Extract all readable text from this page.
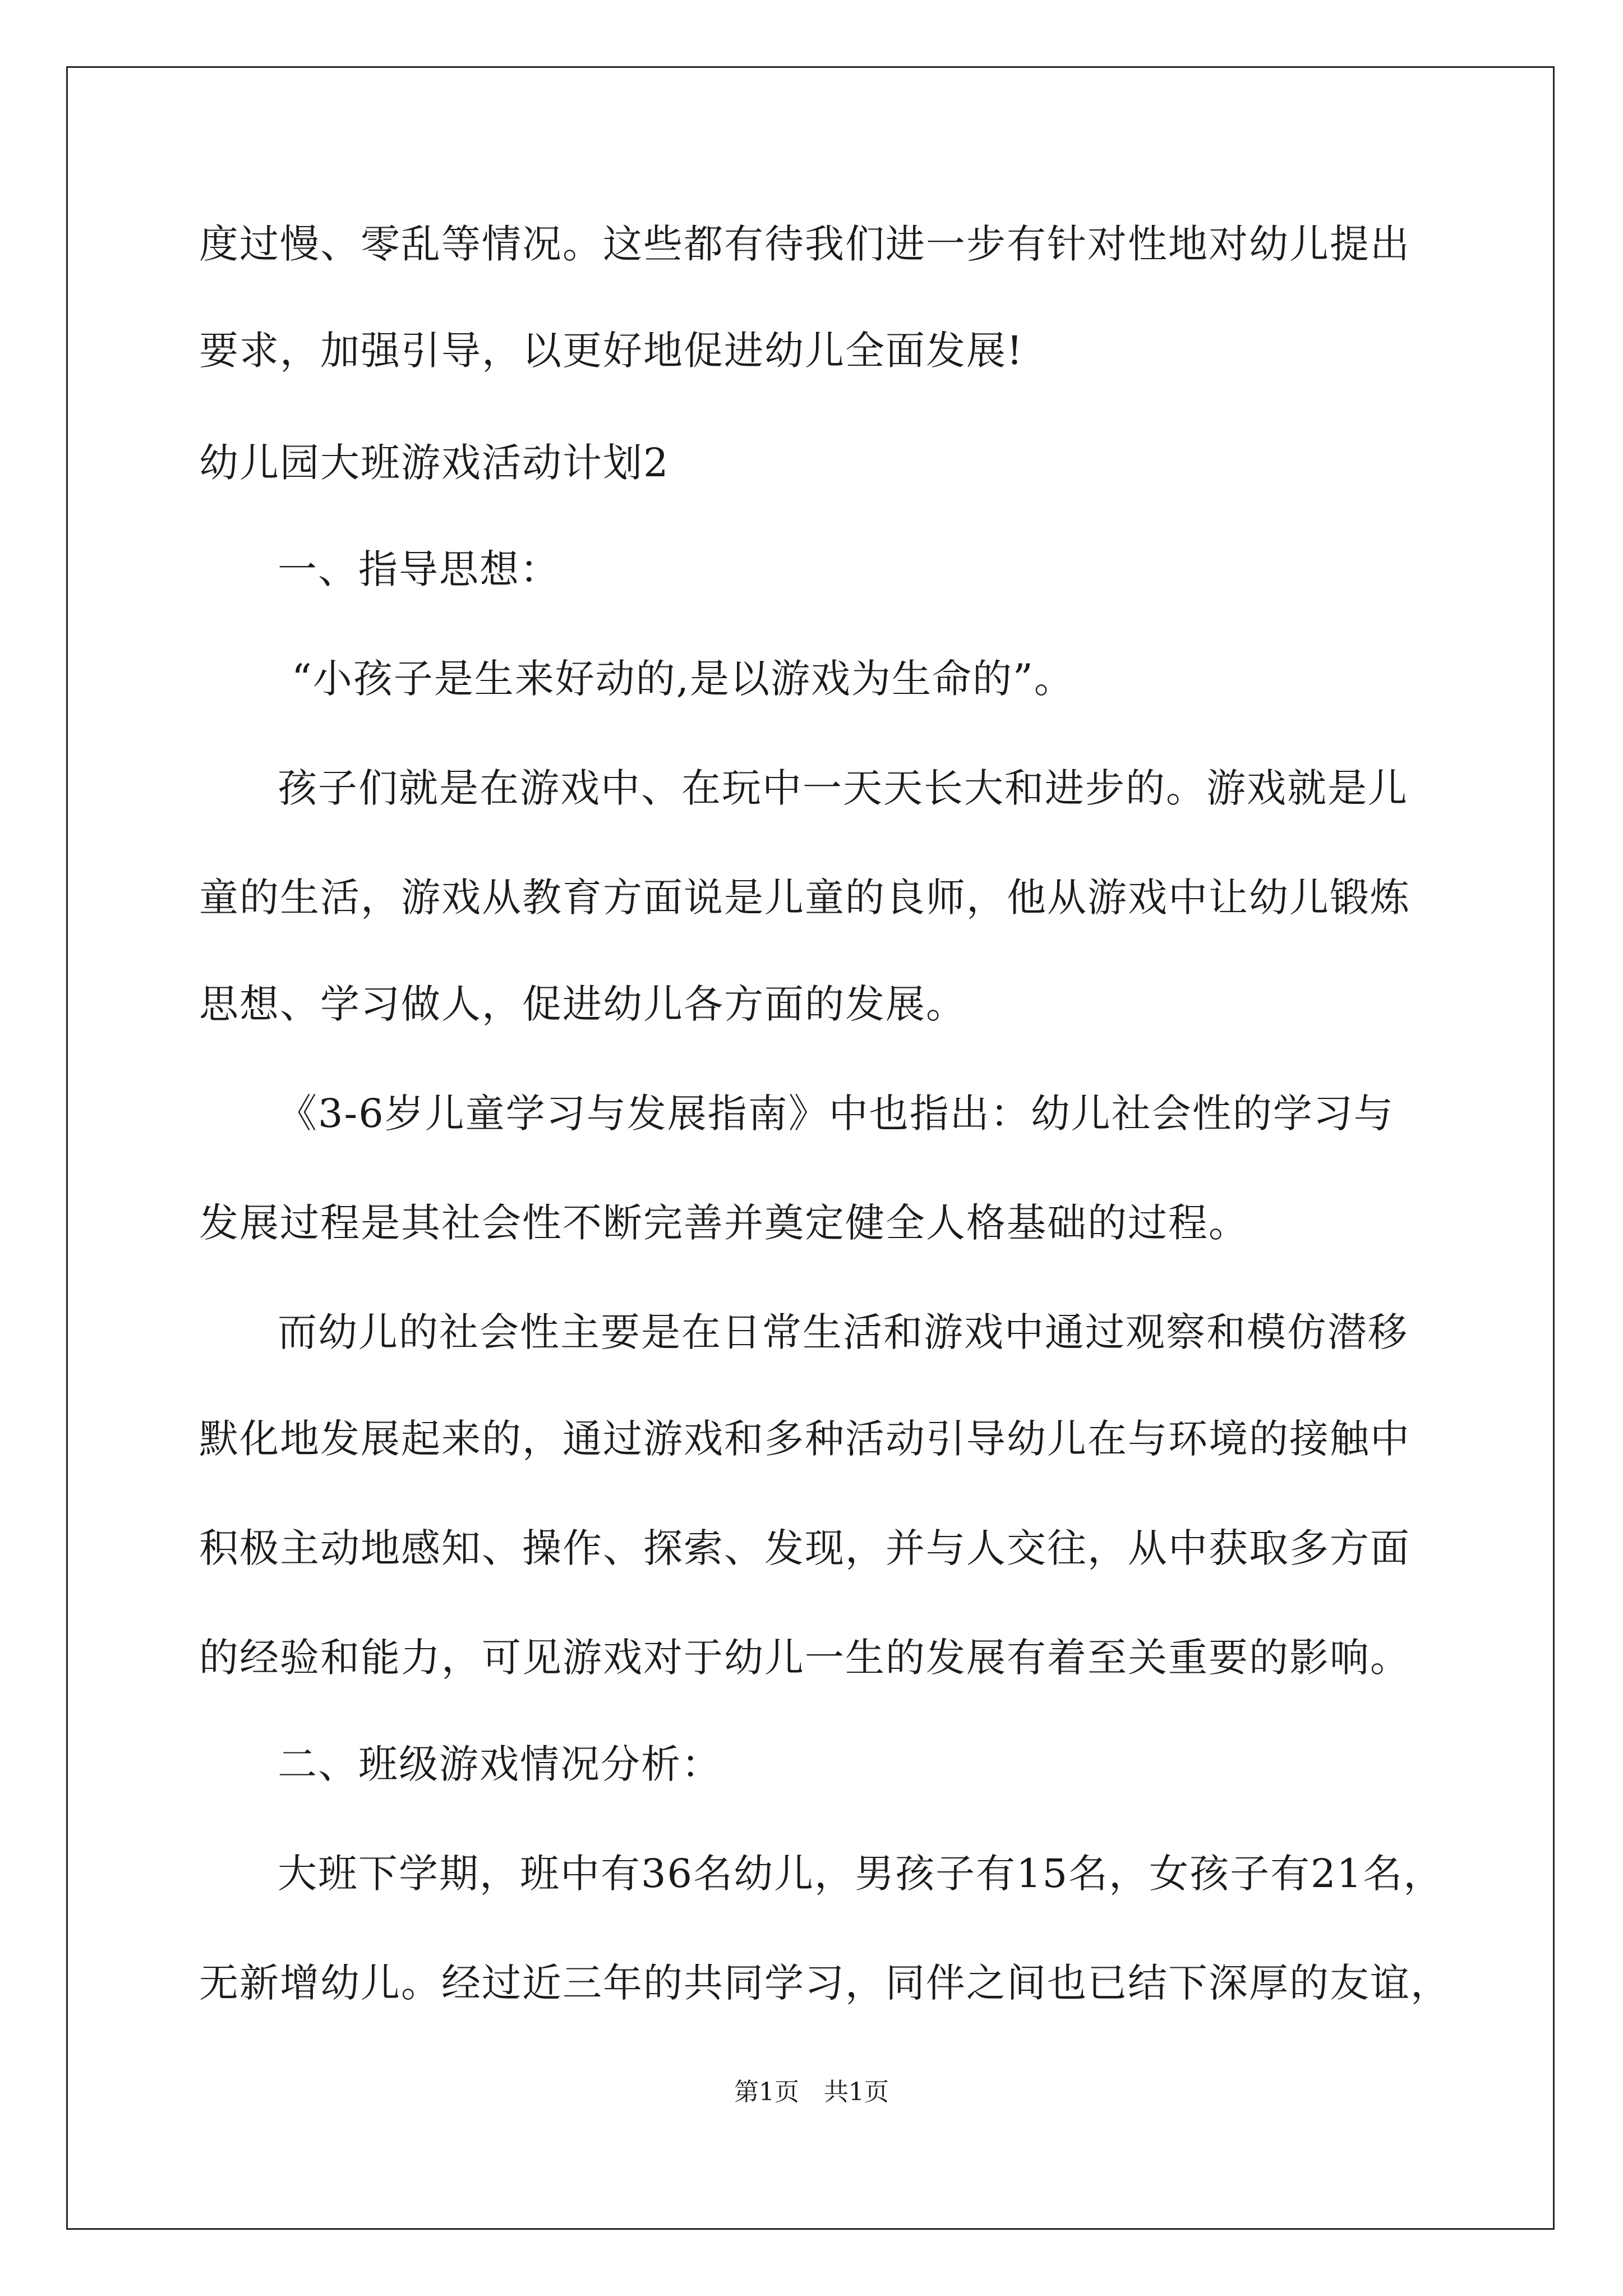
度过慢、零乱等情况。这些都有待我们进一步有针对性地对幼儿提出
要求，加强引导，以更好地促进幼儿全面发展!
幼儿园大班游戏活动计划2
一、指导思想：
“小孩子是生来好动的,是以游戏为生命的”。
孩子们就是在游戏中、在玩中一天天长大和进步的。游戏就是儿
童的生活，游戏从教育方面说是儿童的良师，他从游戏中让幼儿锻炼
思想、学习做人，促进幼儿各方面的发展。
《3-6岁儿童学习与发展指南》中也指出：幼儿社会性的学习与
发展过程是其社会性不断完善并奠定健全人格基础的过程。
而幼儿的社会性主要是在日常生活和游戏中通过观察和模仿潜移
默化地发展起来的，通过游戏和多种活动引导幼儿在与环境的接触中
积极主动地感知、操作、探索、发现，并与人交往，从中获取多方面
的经验和能力，可见游戏对于幼儿一生的发展有着至关重要的影响。
二、班级游戏情况分析：
大班下学期，班中有36名幼儿，男孩子有15名，女孩子有21名，
无新增幼儿。经过近三年的共同学习，同伴之间也已结下深厚的友谊，
第1页 共1页
